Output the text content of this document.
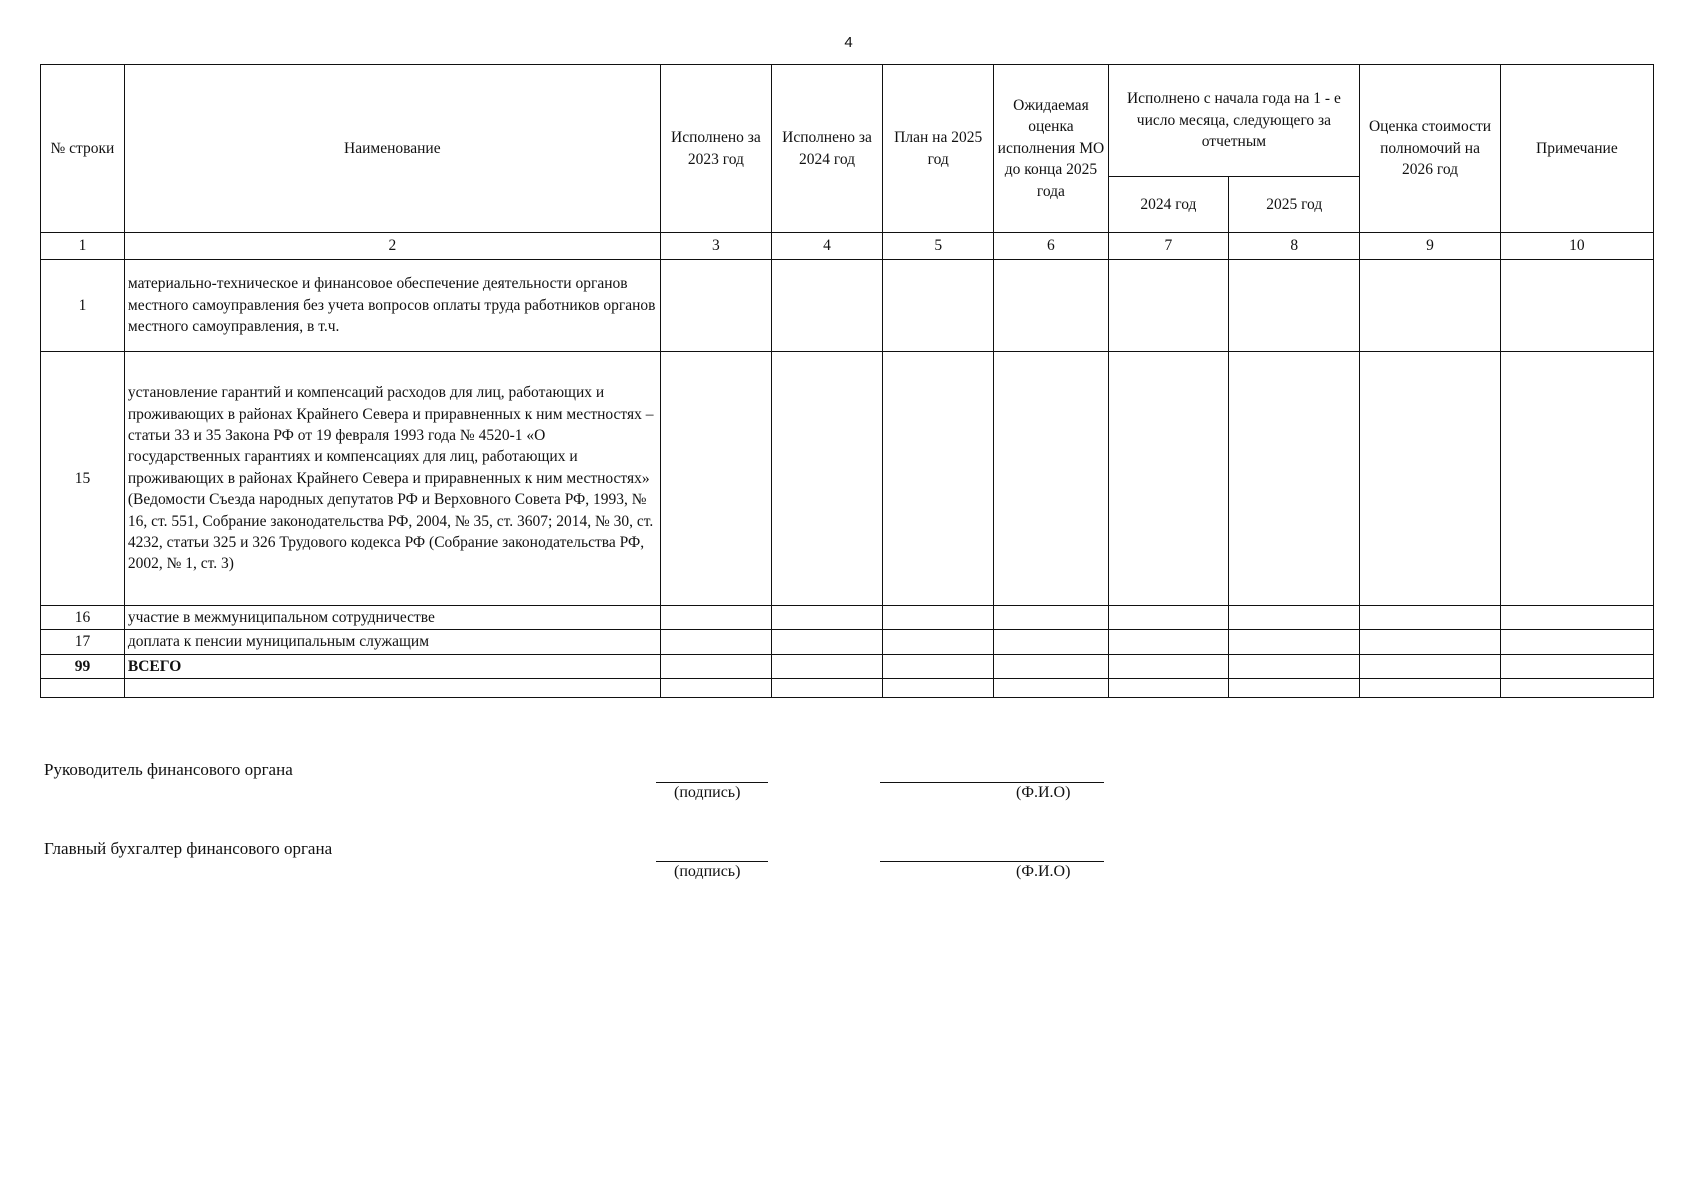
4
№ строки	Наименование	Исполнено за 2023 год	Исполнено за 2024 год	План на 2025 год	Ожидаемая оценка исполнения МО до конца 2025 года	Исполнено с начала года на 1 - е число месяца, следующего за отчетным		Оценка стоимости полномочий на 2026 год	Примечание
						2024 год	2025 год		
1	2	3	4	5	6	7	8	9	10
1	материально-техническое и финансовое обеспечение деятельности органов местного самоуправления без учета вопросов оплаты труда работников органов местного самоуправления, в т.ч.								
15	установление гарантий и компенсаций расходов для лиц, работающих и проживающих в районах Крайнего Севера и приравненных к ним местностях – статьи 33 и 35 Закона РФ от 19 февраля 1993 года № 4520-1 «О государственных гарантиях и компенсациях для лиц, работающих и проживающих в районах Крайнего Севера и приравненных к ним местностях» (Ведомости Съезда народных депутатов РФ и Верховного Совета РФ, 1993, № 16, ст. 551, Собрание законодательства РФ, 2004, № 35, ст. 3607; 2014, № 30, ст. 4232, статьи 325 и 326 Трудового кодекса РФ (Собрание законодательства РФ, 2002, № 1, ст. 3)								
16	участие в межмуниципальном сотрудничестве								
17	доплата к пенсии муниципальным служащим								
99	ВСЕГО								

Руководитель финансового органа
(подпись)	(Ф.И.О)
Главный бухгалтер финансового органа
(подпись)	(Ф.И.О)
